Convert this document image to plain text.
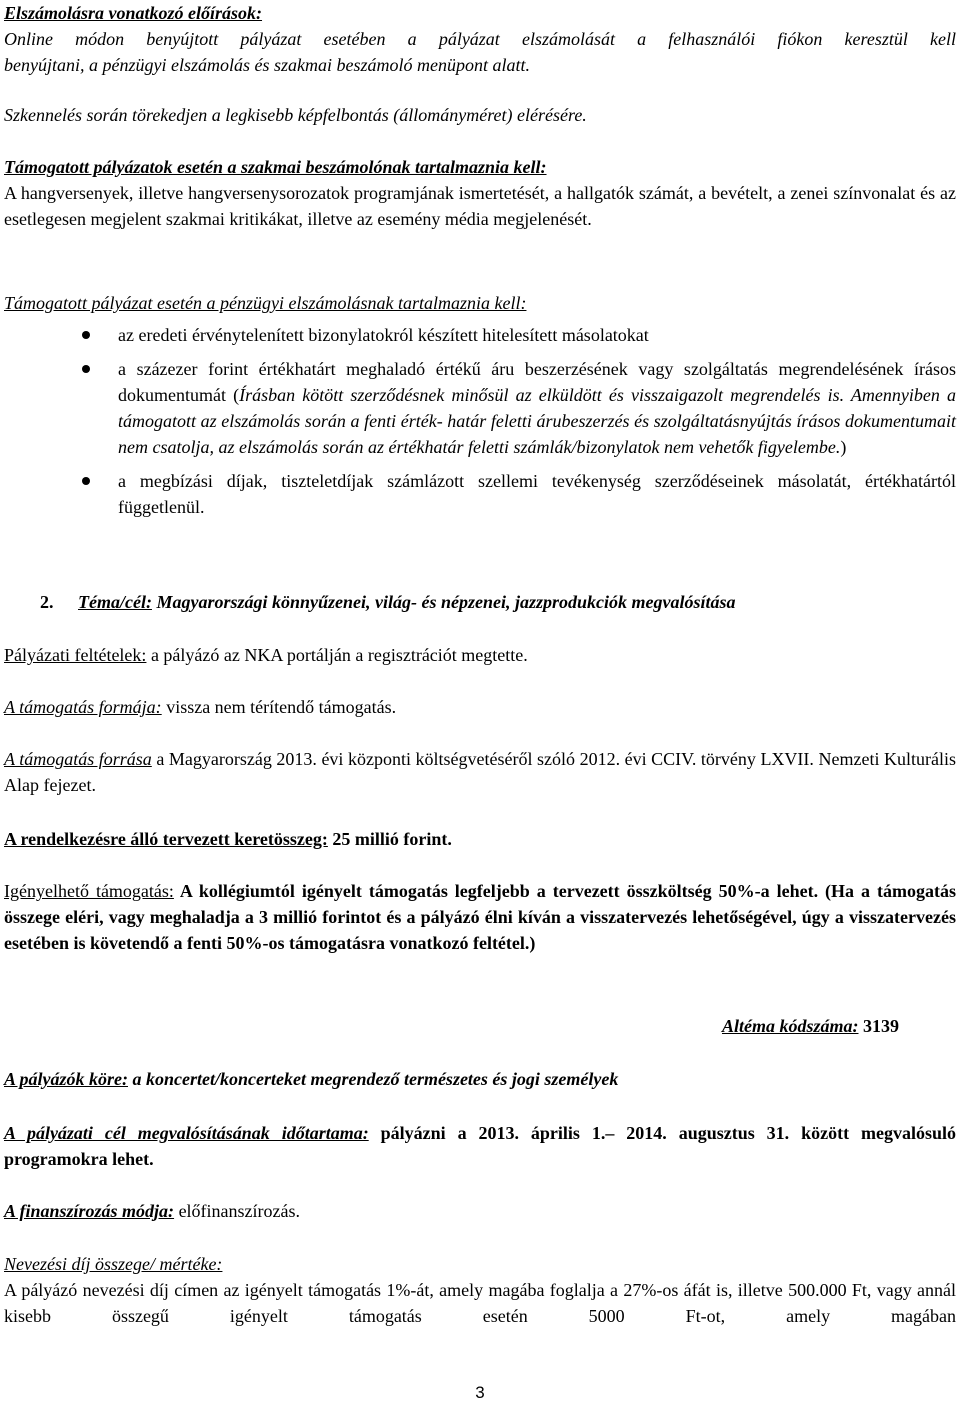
Elszámolásra vonatkozó előírások:
Online módon benyújtott pályázat esetében a pályázat elszámolását a felhasználói fiókon keresztül kell
benyújtani, a pénzügyi elszámolás és szakmai beszámoló menüpont alatt.
Szkennelés során törekedjen a legkisebb képfelbontás (állományméret) elérésére.
Támogatott pályázatok esetén a szakmai beszámolónak tartalmaznia kell:
A hangversenyek, illetve hangversenysorozatok programjának ismertetését, a hallgatók számát, a bevételt, a zenei színvonalat és az esetlegesen megjelent szakmai kritikákat, illetve az esemény média megjelenését.
Támogatott pályázat esetén a pénzügyi elszámolásnak tartalmaznia kell:
az eredeti érvénytelenített bizonylatokról készített hitelesített másolatokat
a százezer forint értékhatárt meghaladó értékű áru beszerzésének vagy szolgáltatás megrendelésének írásos dokumentumát (Írásban kötött szerződésnek minősül az elküldött és visszaigazolt megrendelés is. Amennyiben a támogatott az elszámolás során a fenti érték- határ feletti árubeszerzés és szolgáltatásnyújtás írásos dokumentumait nem csatolja, az elszámolás során az értékhatár feletti számlák/bizonylatok nem vehetők figyelembe.)
a megbízási díjak, tiszteletdíjak számlázott szellemi tevékenység szerződéseinek másolatát, értékhatártól függetlenül.
2. Téma/cél: Magyarországi könnyűzenei, világ- és népzenei, jazzprodukciók megvalósítása
Pályázati feltételek: a pályázó az NKA portálján a regisztrációt megtette.
A támogatás formája: vissza nem térítendő támogatás.
A támogatás forrása a Magyarország 2013. évi központi költségvetéséről szóló 2012. évi CCIV. törvény LXVII. Nemzeti Kulturális Alap fejezet.
A rendelkezésre álló tervezett keretösszeg: 25 millió forint.
Igényelhető támogatás: A kollégiumtól igényelt támogatás legfeljebb a tervezett összköltség 50%-a lehet. (Ha a támogatás összege eléri, vagy meghaladja a 3 millió forintot és a pályázó élni kíván a visszatervezés lehetőségével, úgy a visszatervezés esetében is követendő a fenti 50%-os támogatásra vonatkozó feltétel.)
Altéma kódszáma: 3139
A pályázók köre: a koncertet/koncerteket megrendező természetes és jogi személyek
A pályázati cél megvalósításának időtartama: pályázni a 2013. április 1.– 2014. augusztus 31. között megvalósuló programokra lehet.
A finanszírozás módja: előfinanszírozás.
Nevezési díj összege/ mértéke:
A pályázó nevezési díj címen az igényelt támogatás 1%-át, amely magába foglalja a 27%-os áfát is, illetve 500.000 Ft, vagy annál kisebb összegű igényelt támogatás esetén 5000 Ft-ot, amely magában
3
